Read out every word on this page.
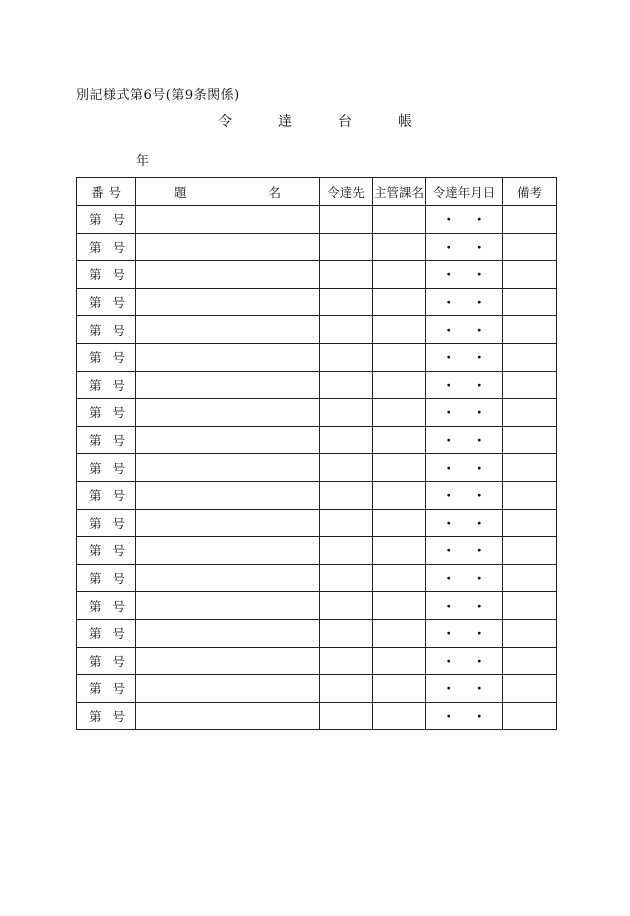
別記様式第6号(第9条関係)
令	達	台	帳
年
番 号	題 名	令達先	主管課名	令達年月日	備考

第 号				・ ・	

第 号				・ ・	

第 号				・ ・	

第 号				・ ・	

第 号				・ ・	

第 号				・ ・	

第 号				・ ・	

第 号				・ ・	

第 号				・ ・	

第 号				・ ・	

第 号				・ ・	

第 号				・ ・	

第 号				・ ・	

第 号				・ ・	

第 号				・ ・	

第 号				・ ・	

第 号				・ ・	

第 号				・ ・	

第 号				・ ・	
